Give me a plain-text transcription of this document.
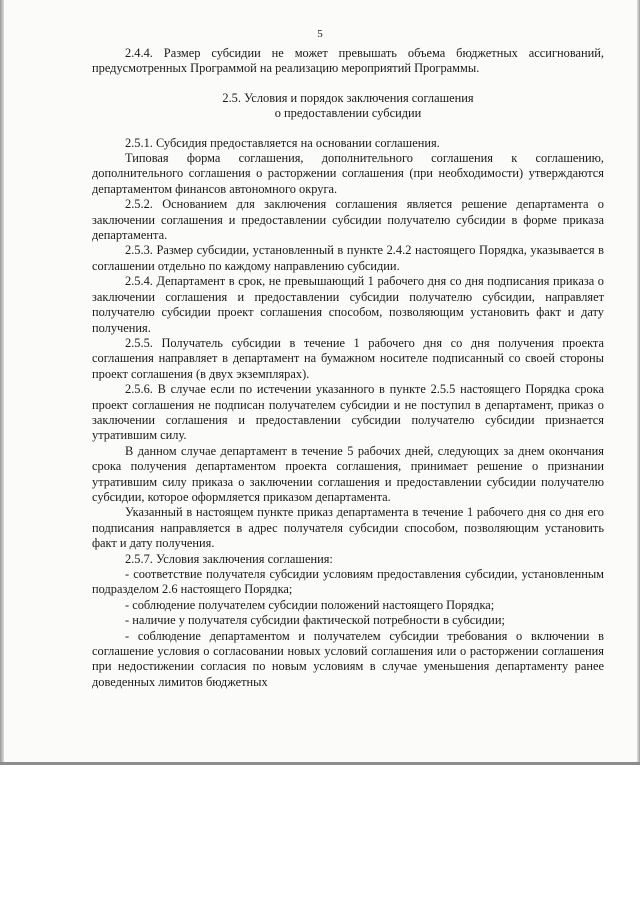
5

2.4.4. Размер субсидии не может превышать объема бюджетных ассигнований, предусмотренных Программой на реализацию мероприятий Программы.

2.5. Условия и порядок заключения соглашения
о предоставлении субсидии

2.5.1. Субсидия предоставляется на основании соглашения.

Типовая форма соглашения, дополнительного соглашения к соглашению, дополнительного соглашения о расторжении соглашения (при необходимости) утверждаются департаментом финансов автономного округа.

2.5.2. Основанием для заключения соглашения является решение департамента о заключении соглашения и предоставлении субсидии получателю субсидии в форме приказа департамента.

2.5.3. Размер субсидии, установленный в пункте 2.4.2 настоящего Порядка, указывается в соглашении отдельно по каждому направлению субсидии.

2.5.4. Департамент в срок, не превышающий 1 рабочего дня со дня подписания приказа о заключении соглашения и предоставлении субсидии получателю субсидии, направляет получателю субсидии проект соглашения способом, позволяющим установить факт и дату получения.

2.5.5. Получатель субсидии в течение 1 рабочего дня со дня получения проекта соглашения направляет в департамент на бумажном носителе подписанный со своей стороны проект соглашения (в двух экземплярах).

2.5.6. В случае если по истечении указанного в пункте 2.5.5 настоящего Порядка срока проект соглашения не подписан получателем субсидии и не поступил в департамент, приказ о заключении соглашения и предоставлении субсидии получателю субсидии признается утратившим силу.

В данном случае департамент в течение 5 рабочих дней, следующих за днем окончания срока получения департаментом проекта соглашения, принимает решение о признании утратившим силу приказа о заключении соглашения и предоставлении субсидии получателю субсидии, которое оформляется приказом департамента.

Указанный в настоящем пункте приказ департамента в течение 1 рабочего дня со дня его подписания направляется в адрес получателя субсидии способом, позволяющим установить факт и дату получения.

2.5.7. Условия заключения соглашения:

- соответствие получателя субсидии условиям предоставления субсидии, установленным подразделом 2.6 настоящего Порядка;

- соблюдение получателем субсидии положений настоящего Порядка;

- наличие у получателя субсидии фактической потребности в субсидии;

- соблюдение департаментом и получателем субсидии требования о включении в соглашение условия о согласовании новых условий соглашения или о расторжении соглашения при недостижении согласия по новым условиям в случае уменьшения департаменту ранее доведенных лимитов бюджетных
